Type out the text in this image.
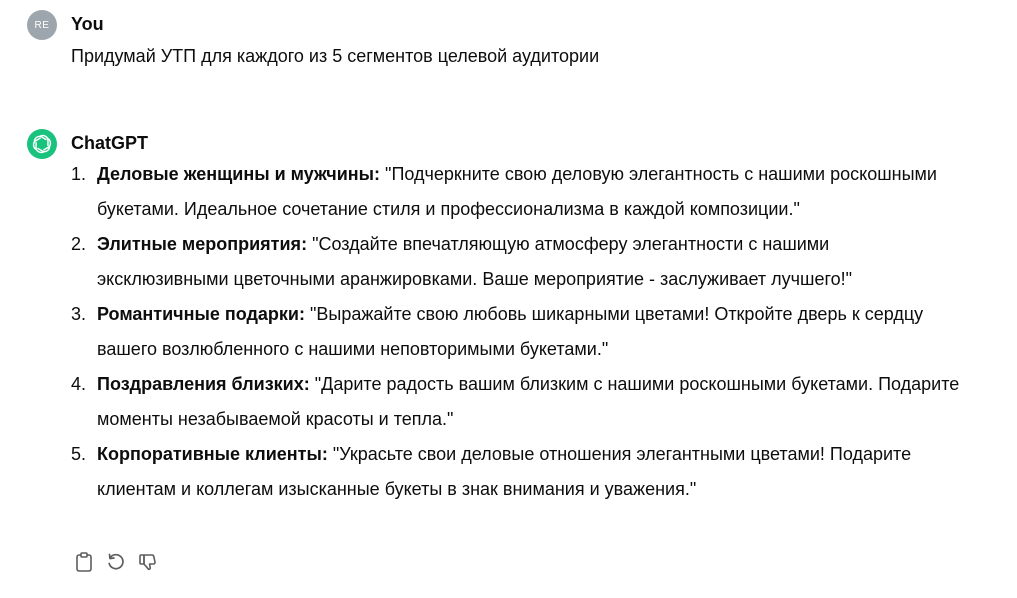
RE You
Придумай УТП для каждого из 5 сегментов целевой аудитории
ChatGPT
1. Деловые женщины и мужчины: "Подчеркните свою деловую элегантность с нашими роскошными букетами. Идеальное сочетание стиля и профессионализма в каждой композиции."
2. Элитные мероприятия: "Создайте впечатляющую атмосферу элегантности с нашими эксклюзивными цветочными аранжировками. Ваше мероприятие - заслуживает лучшего!"
3. Романтичные подарки: "Выражайте свою любовь шикарными цветами! Откройте дверь к сердцу вашего возлюбленного с нашими неповторимыми букетами."
4. Поздравления близких: "Дарите радость вашим близким с нашими роскошными букетами. Подарите моменты незабываемой красоты и тепла."
5. Корпоративные клиенты: "Украсьте свои деловые отношения элегантными цветами! Подарите клиентам и коллегам изысканные букеты в знак внимания и уважения."
